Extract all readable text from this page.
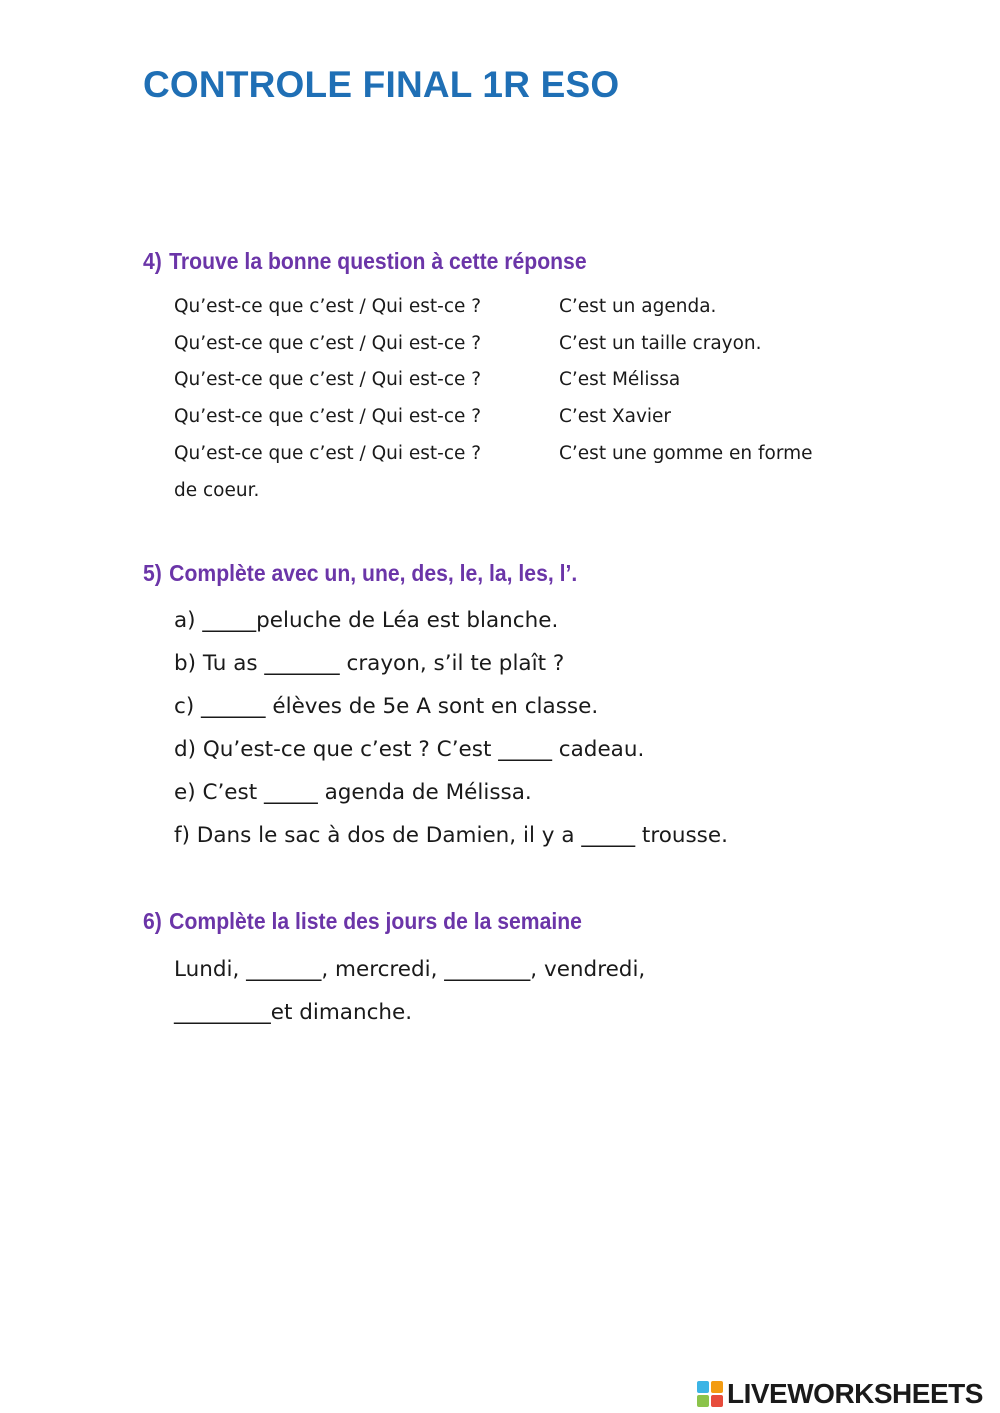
CONTROLE FINAL 1R ESO
4) Trouve la bonne question à cette réponse
Qu’est-ce que c’est / Qui est-ce ?	C’est un agenda.
Qu’est-ce que c’est / Qui est-ce ?	C’est un taille crayon.
Qu’est-ce que c’est / Qui est-ce ?	C’est Mélissa
Qu’est-ce que c’est / Qui est-ce ?	C’est Xavier
Qu’est-ce que c’est / Qui est-ce ?	C’est une gomme en forme
de coeur.
5) Complète avec un, une, des, le, la, les, l’.
a) _____peluche de Léa est blanche.
b) Tu as _______ crayon, s’il te plaît ?
c) ______ élèves de 5e A sont en classe.
d) Qu’est-ce que c’est ? C’est _____ cadeau.
e) C’est _____ agenda de Mélissa.
f) Dans le sac à dos de Damien, il y a _____ trousse.
6) Complète la liste des jours de la semaine
Lundi, _______, mercredi, ________, vendredi,
_________et dimanche.
LIVEWORKSHEETS
